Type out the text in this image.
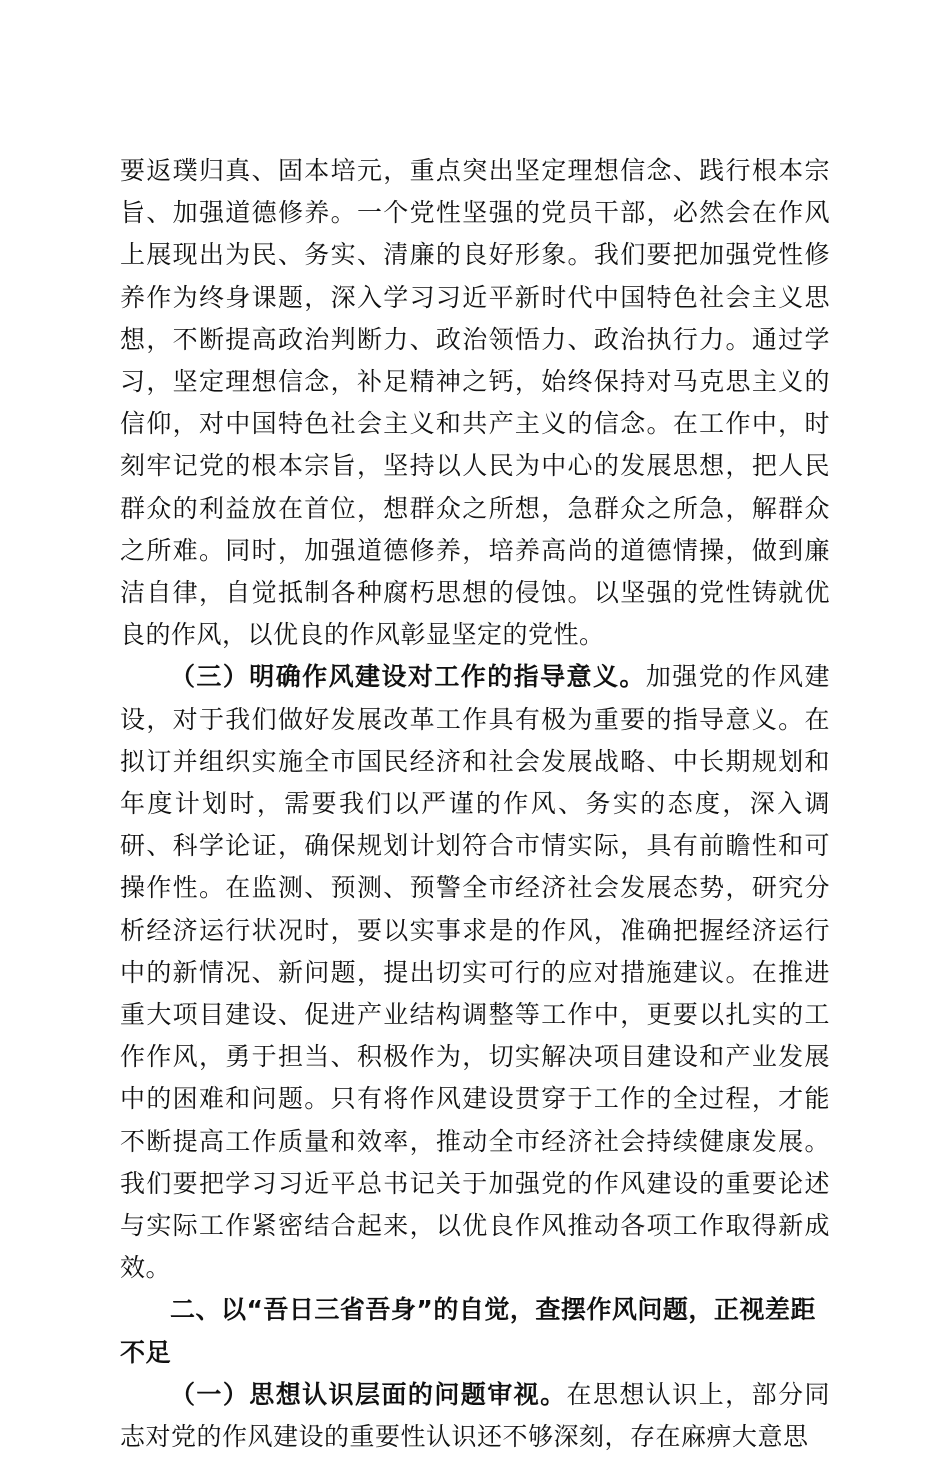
要返璞归真、固本培元，重点突出坚定理想信念、践行根本宗旨、加强道德修养。一个党性坚强的党员干部，必然会在作风上展现出为民、务实、清廉的良好形象。我们要把加强党性修养作为终身课题，深入学习习近平新时代中国特色社会主义思想，不断提高政治判断力、政治领悟力、政治执行力。通过学习，坚定理想信念，补足精神之钙，始终保持对马克思主义的信仰，对中国特色社会主义和共产主义的信念。在工作中，时刻牢记党的根本宗旨，坚持以人民为中心的发展思想，把人民群众的利益放在首位，想群众之所想，急群众之所急，解群众之所难。同时，加强道德修养，培养高尚的道德情操，做到廉洁自律，自觉抵制各种腐朽思想的侵蚀。以坚强的党性铸就优良的作风，以优良的作风彰显坚定的党性。

（三）明确作风建设对工作的指导意义。加强党的作风建设，对于我们做好发展改革工作具有极为重要的指导意义。在拟订并组织实施全市国民经济和社会发展战略、中长期规划和年度计划时，需要我们以严谨的作风、务实的态度，深入调研、科学论证，确保规划计划符合市情实际，具有前瞻性和可操作性。在监测、预测、预警全市经济社会发展态势，研究分析经济运行状况时，要以实事求是的作风，准确把握经济运行中的新情况、新问题，提出切实可行的应对措施建议。在推进重大项目建设、促进产业结构调整等工作中，更要以扎实的工作作风，勇于担当、积极作为，切实解决项目建设和产业发展中的困难和问题。只有将作风建设贯穿于工作的全过程，才能不断提高工作质量和效率，推动全市经济社会持续健康发展。我们要把学习习近平总书记关于加强党的作风建设的重要论述与实际工作紧密结合起来，以优良作风推动各项工作取得新成效。

二、以“吾日三省吾身”的自觉，查摆作风问题，正视差距不足

（一）思想认识层面的问题审视。在思想认识上，部分同志对党的作风建设的重要性认识还不够深刻，存在麻痹大意思
